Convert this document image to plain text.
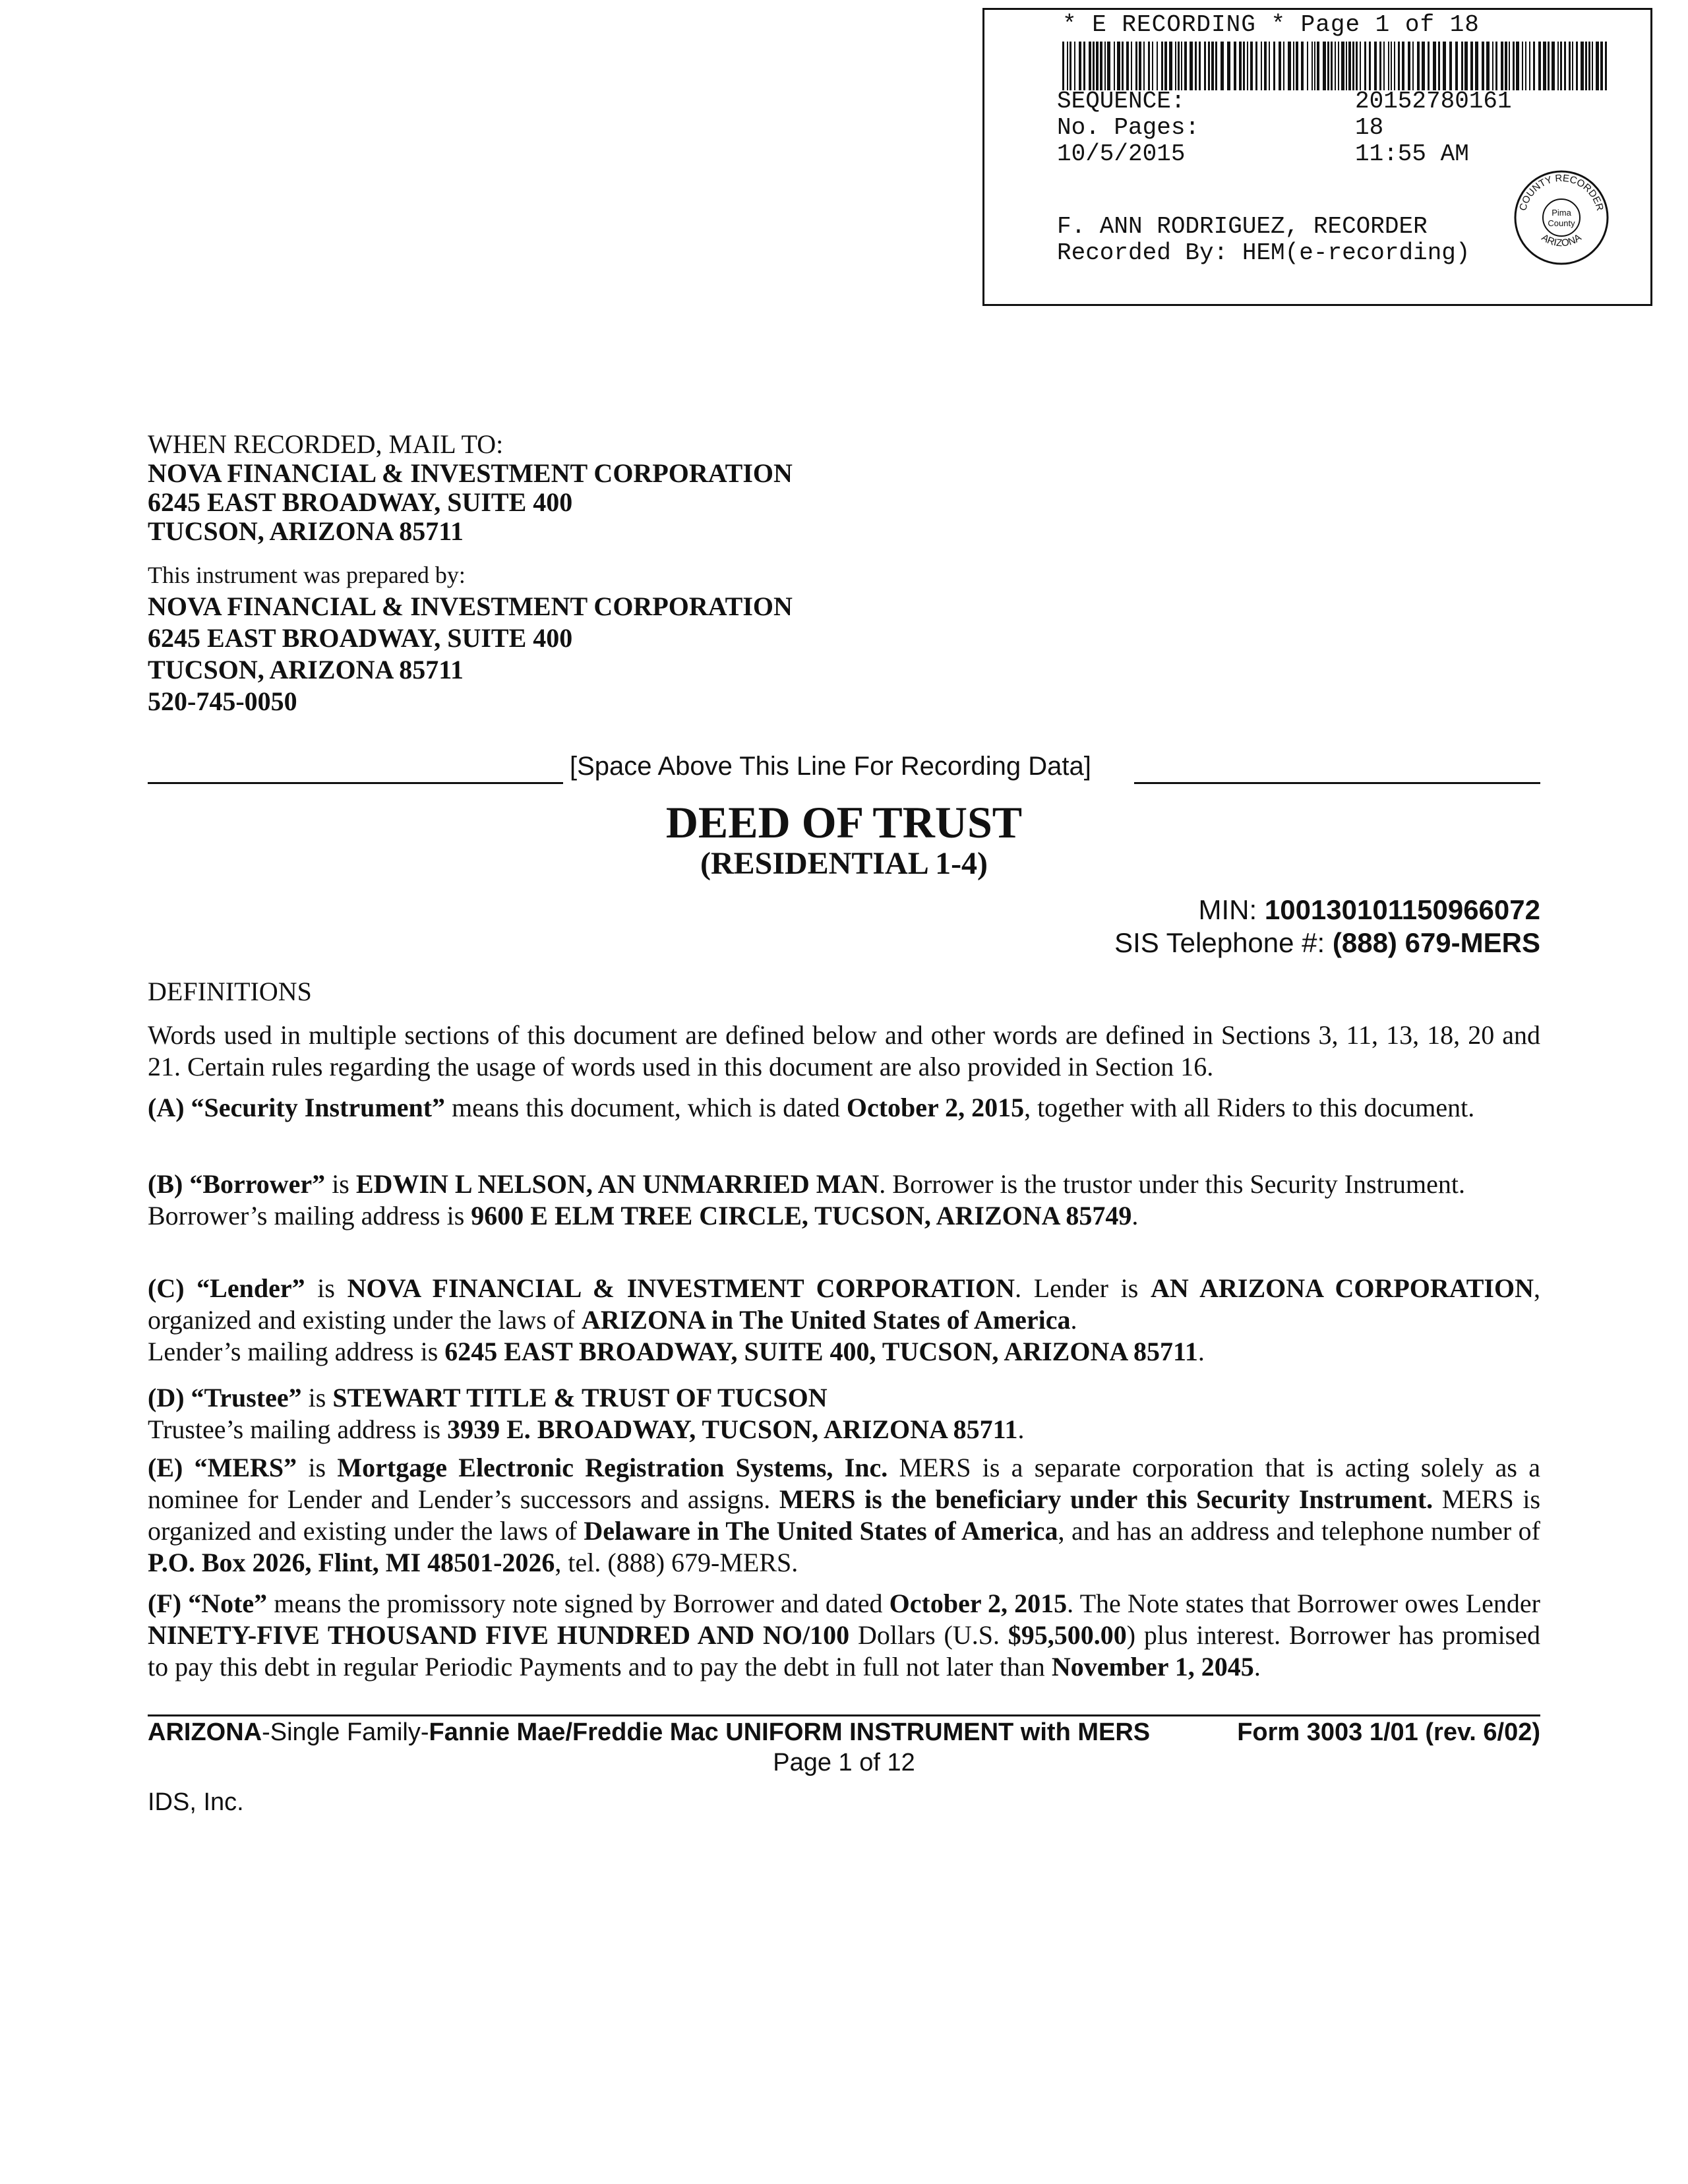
* E RECORDING * Page 1 of 18
SEQUENCE:	20152780161
No. Pages:	18
10/5/2015	11:55 AM
F. ANN RODRIGUEZ, RECORDER
Recorded By: HEM(e-recording)
COUNTY RECORDER
ARIZONA
Pima
County
WHEN RECORDED, MAIL TO:
NOVA FINANCIAL & INVESTMENT CORPORATION
6245 EAST BROADWAY, SUITE 400
TUCSON, ARIZONA 85711
This instrument was prepared by:
NOVA FINANCIAL & INVESTMENT CORPORATION
6245 EAST BROADWAY, SUITE 400
TUCSON, ARIZONA 85711
520-745-0050
[Space Above This Line For Recording Data]
DEED OF TRUST
(RESIDENTIAL 1-4)
MIN: 100130101150966072
SIS Telephone #: (888) 679-MERS
DEFINITIONS
Words used in multiple sections of this document are defined below and other words are defined in Sections 3, 11, 13, 18, 20 and 21. Certain rules regarding the usage of words used in this document are also provided in Section 16.
(A) “Security Instrument” means this document, which is dated October 2, 2015, together with all Riders to this document.
(B) “Borrower” is EDWIN L NELSON, AN UNMARRIED MAN. Borrower is the trustor under this Security Instrument.
Borrower’s mailing address is 9600 E ELM TREE CIRCLE, TUCSON, ARIZONA 85749.
(C) “Lender” is NOVA FINANCIAL & INVESTMENT CORPORATION. Lender is AN ARIZONA CORPORATION, organized and existing under the laws of ARIZONA in The United States of America.
Lender’s mailing address is 6245 EAST BROADWAY, SUITE 400, TUCSON, ARIZONA 85711.
(D) “Trustee” is STEWART TITLE & TRUST OF TUCSON
Trustee’s mailing address is 3939 E. BROADWAY, TUCSON, ARIZONA 85711.
(E) “MERS” is Mortgage Electronic Registration Systems, Inc. MERS is a separate corporation that is acting solely as a nominee for Lender and Lender’s successors and assigns. MERS is the beneficiary under this Security Instrument. MERS is organized and existing under the laws of Delaware in The United States of America, and has an address and telephone number of P.O. Box 2026, Flint, MI 48501-2026, tel. (888) 679-MERS.
(F) “Note” means the promissory note signed by Borrower and dated October 2, 2015. The Note states that Borrower owes Lender NINETY-FIVE THOUSAND FIVE HUNDRED AND NO/100 Dollars (U.S. $95,500.00) plus interest. Borrower has promised to pay this debt in regular Periodic Payments and to pay the debt in full not later than November 1, 2045.
ARIZONA-Single Family-Fannie Mae/Freddie Mac UNIFORM INSTRUMENT with MERS	Form 3003 1/01 (rev. 6/02)
Page 1 of 12
IDS, Inc.
